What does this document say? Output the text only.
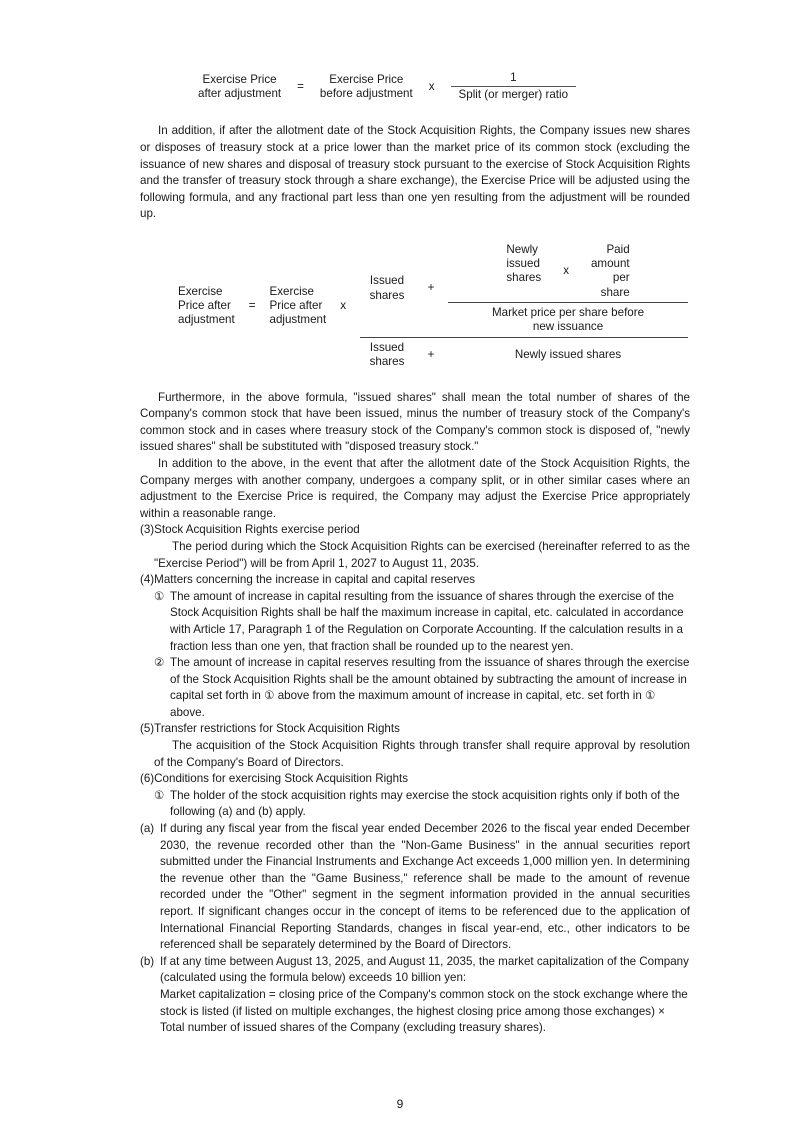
Exercise Price
after adjustment
=
Exercise Price
before adjustment
x	$\frac{1}{\text{Split (or merger) ratio}}$

In addition, if after the allotment date of the Stock Acquisition Rights, the Company issues new shares or disposes of treasury stock at a price lower than the market price of its common stock (excluding the issuance of new shares and disposal of treasury stock pursuant to the exercise of Stock Acquisition Rights and the transfer of treasury stock through a share exchange), the Exercise Price will be adjusted using the following formula, and any fractional part less than one yen resulting from the adjustment will be rounded up.

Exercise
Price after
adjustment
=
Exercise
Price after
adjustment
x
Issued
shares
+
Newly
issued
shares
x
Paid
amount
per
share
Market price per share before
new issuance
Issued
shares
+	Newly issued shares

Furthermore, in the above formula, "issued shares" shall mean the total number of shares of the Company's common stock that have been issued, minus the number of treasury stock of the Company's common stock and in cases where treasury stock of the Company's common stock is disposed of, "newly issued shares" shall be substituted with "disposed treasury stock."

In addition to the above, in the event that after the allotment date of the Stock Acquisition Rights, the Company merges with another company, undergoes a company split, or in other similar cases where an adjustment to the Exercise Price is required, the Company may adjust the Exercise Price appropriately within a reasonable range.

(3) Stock Acquisition Rights exercise period

The period during which the Stock Acquisition Rights can be exercised (hereinafter referred to as the "Exercise Period") will be from April 1, 2027 to August 11, 2035.

(4) Matters concerning the increase in capital and capital reserves
① The amount of increase in capital resulting from the issuance of shares through the exercise of the Stock Acquisition Rights shall be half the maximum increase in capital, etc. calculated in accordance with Article 17, Paragraph 1 of the Regulation on Corporate Accounting. If the calculation results in a fraction less than one yen, that fraction shall be rounded up to the nearest yen.
② The amount of increase in capital reserves resulting from the issuance of shares through the exercise of the Stock Acquisition Rights shall be the amount obtained by subtracting the amount of increase in capital set forth in ① above from the maximum amount of increase in capital, etc. set forth in ① above.
(5) Transfer restrictions for Stock Acquisition Rights

The acquisition of the Stock Acquisition Rights through transfer shall require approval by resolution of the Company's Board of Directors.

(6) Conditions for exercising Stock Acquisition Rights
① The holder of the stock acquisition rights may exercise the stock acquisition rights only if both of the following (a) and (b) apply.
(a) If during any fiscal year from the fiscal year ended December 2026 to the fiscal year ended December 2030, the revenue recorded other than the "Non-Game Business" in the annual securities report submitted under the Financial Instruments and Exchange Act exceeds 1,000 million yen. In determining the revenue other than the "Game Business," reference shall be made to the amount of revenue recorded under the "Other" segment in the segment information provided in the annual securities report. If significant changes occur in the concept of items to be referenced due to the application of International Financial Reporting Standards, changes in fiscal year-end, etc., other indicators to be referenced shall be separately determined by the Board of Directors.
(b) If at any time between August 13, 2025, and August 11, 2035, the market capitalization of the Company (calculated using the formula below) exceeds 10 billion yen:

Market capitalization = closing price of the Company's common stock on the stock exchange where the stock is listed (if listed on multiple exchanges, the highest closing price among those exchanges) × Total number of issued shares of the Company (excluding treasury shares).
9
